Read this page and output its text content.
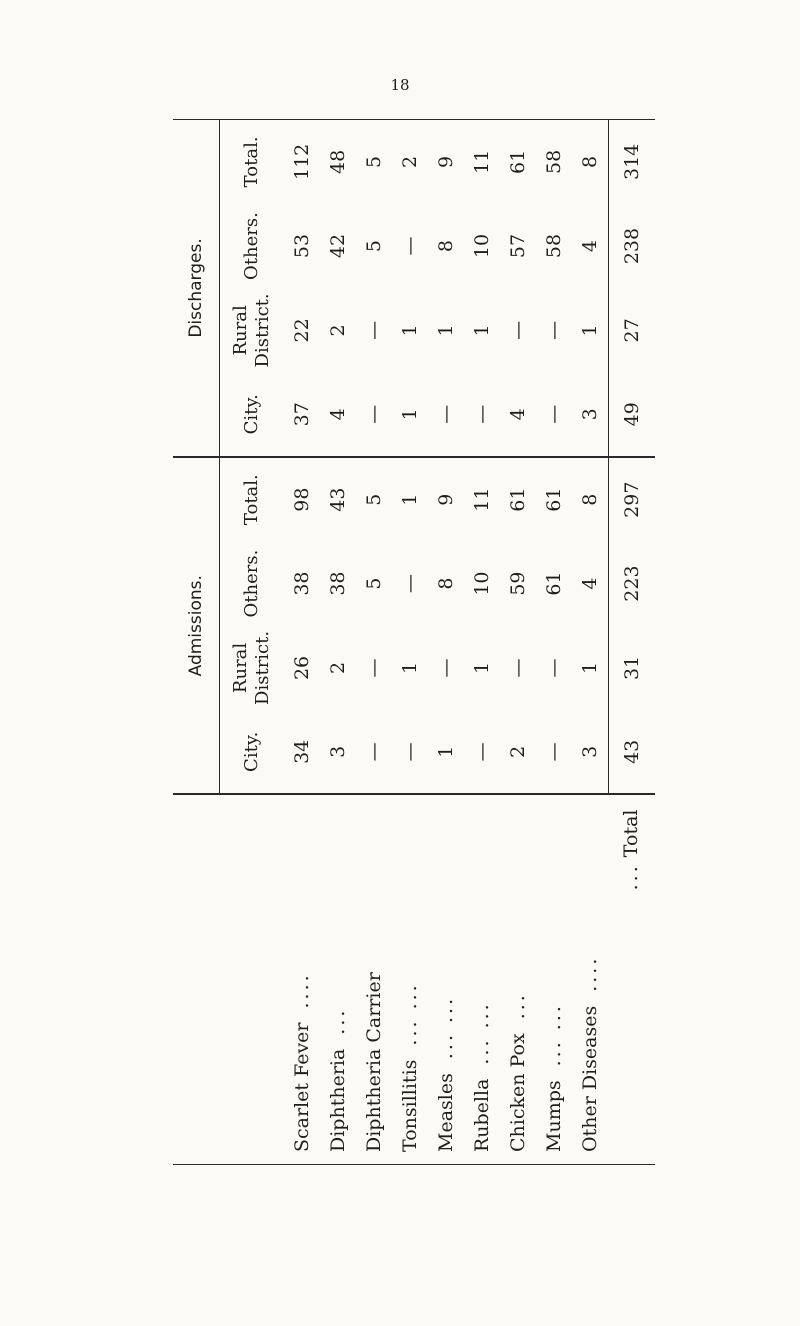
18
	Admissions.				Discharges.			
	City.	Rural District.	Others.	Total.	City.	Rural District.	Others.	Total.
Scarlet Fever....	34	26	38	98	37	22	53	112
Diphtheria...	3	2	38	43	4	2	42	48
Diphtheria Carrier	—	—	5	5	—	—	5	5
Tonsillitis... ...	—	1	—	1	1	1	—	2
Measles... ...	1	—	8	9	—	1	8	9
Rubella... ...	—	1	10	11	—	1	10	11
Chicken Pox...	2	—	59	61	4	—	57	61
Mumps... ...	—	—	61	61	—	—	58	58
Other Diseases....	3	1	4	8	3	1	4	8
... Total	43	31	223	297	49	27	238	314
